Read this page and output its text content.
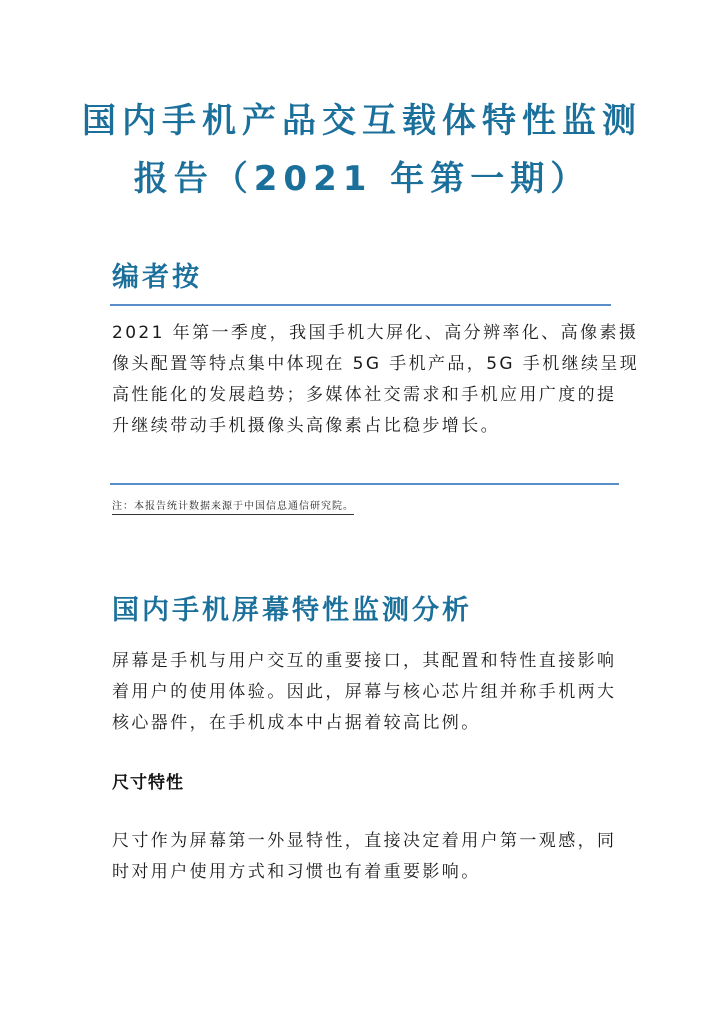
国内手机产品交互载体特性监测
报告（2021 年第一期）
编者按

2021 年第一季度，我国手机大屏化、高分辨率化、高像素摄
像头配置等特点集中体现在 5G 手机产品，5G 手机继续呈现
高性能化的发展趋势；多媒体社交需求和手机应用广度的提
升继续带动手机摄像头高像素占比稳步增长。

注：本报告统计数据来源于中国信息通信研究院。
国内手机屏幕特性监测分析

屏幕是手机与用户交互的重要接口，其配置和特性直接影响
着用户的使用体验。因此，屏幕与核心芯片组并称手机两大
核心器件，在手机成本中占据着较高比例。

尺寸特性

尺寸作为屏幕第一外显特性，直接决定着用户第一观感，同
时对用户使用方式和习惯也有着重要影响。
